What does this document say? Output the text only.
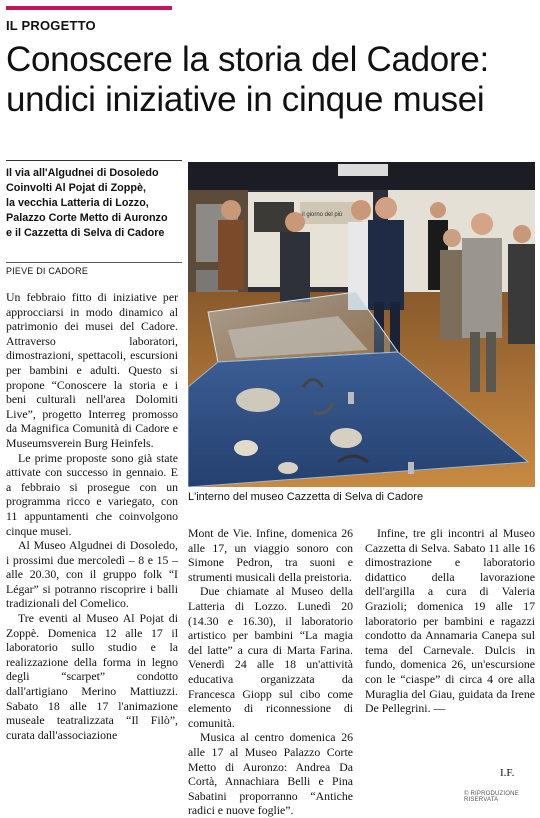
IL PROGETTO
Conoscere la storia del Cadore:
undici iniziative in cinque musei
Il via all'Algudnei di Dosoledo
Coinvolti Al Pojat di Zoppè,
la vecchia Latteria di Lozzo,
Palazzo Corte Metto di Auronzo
e il Cazzetta di Selva di Cadore
PIEVE DI CADORE

Un febbraio fitto di iniziative per approcciarsi in modo dinamico al patrimonio dei musei del Cadore. Attraverso laboratori, dimostrazioni, spettacoli, escursioni per bambini e adulti. Questo si propone “Conoscere la storia e i beni culturali nell'area Dolomiti Live”, progetto Interreg promosso da Magnifica Comunità di Cadore e Museumsverein Burg Heinfels.

Le prime proposte sono già state attivate con successo in gennaio. E a febbraio si prosegue con un programma ricco e variegato, con 11 appuntamenti che coinvolgono cinque musei.

Al Museo Algudnei di Dosoledo, i prossimi due mercoledì – 8 e 15 – alle 20.30, con il gruppo folk “I Légar” si potranno riscoprire i balli tradizionali del Comelico.

Tre eventi al Museo Al Pojat di Zoppè. Domenica 12 alle 17 il laboratorio sullo studio e la realizzazione della forma in legno degli “scarpet” condotto dall'artigiano Merino Mattiuzzi. Sabato 18 alle 17 l'animazione museale teatralizzata “Il Filò”, curata dall'associazione

il giorno del più
L'interno del museo Cazzetta di Selva di Cadore

Mont de Vie. Infine, domenica 26 alle 17, un viaggio sonoro con Simone Pedron, tra suoni e strumenti musicali della preistoria.

Due chiamate al Museo della Latteria di Lozzo. Lunedì 20 (14.30 e 16.30), il laboratorio artistico per bambini “La magia del latte” a cura di Marta Farina. Venerdì 24 alle 18 un'attività educativa organizzata da Francesca Giopp sul cibo come elemento di riconnessione di comunità.

Musica al centro domenica 26 alle 17 al Museo Palazzo Corte Metto di Auronzo: Andrea Da Cortà, Annachiara Belli e Pina Sabatini proporranno “Antiche radici e nuove foglie”.

Infine, tre gli incontri al Museo Cazzetta di Selva. Sabato 11 alle 16 dimostrazione e laboratorio didattico della lavorazione dell'argilla a cura di Valeria Grazioli; domenica 19 alle 17 laboratorio per bambini e ragazzi condotto da Annamaria Canepa sul tema del Carnevale. Dulcis in fundo, domenica 26, un'escursione con le “ciaspe” di circa 4 ore alla Muraglia del Giau, guidata da Irene De Pellegrini. —

I.F.
© RIPRODUZIONE RISERVATA
